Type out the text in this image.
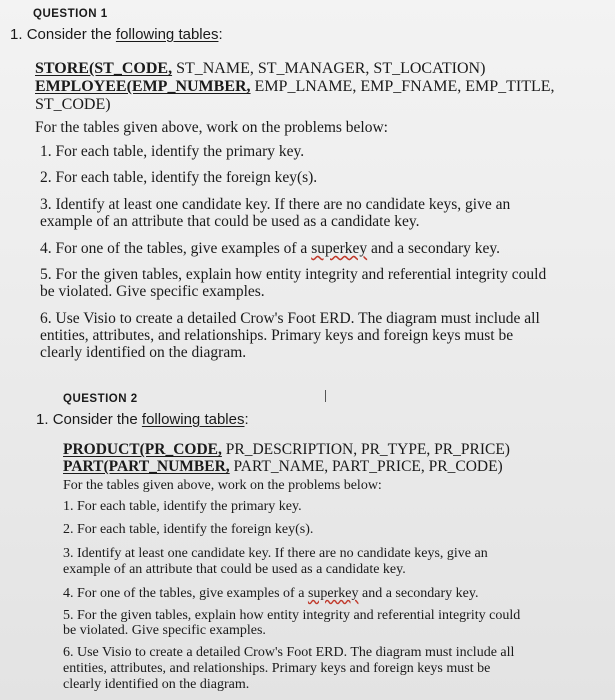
QUESTION 1
1. Consider the following tables:
STORE(ST_CODE, ST_NAME, ST_MANAGER, ST_LOCATION)
EMPLOYEE(EMP_NUMBER, EMP_LNAME, EMP_FNAME, EMP_TITLE,
ST_CODE)
For the tables given above, work on the problems below:
1. For each table, identify the primary key.
2. For each table, identify the foreign key(s).
3. Identify at least one candidate key. If there are no candidate keys, give an
example of an attribute that could be used as a candidate key.
4. For one of the tables, give examples of a superkey and a secondary key.
5. For the given tables, explain how entity integrity and referential integrity could
be violated. Give specific examples.
6. Use Visio to create a detailed Crow's Foot ERD. The diagram must include all
entities, attributes, and relationships. Primary keys and foreign keys must be
clearly identified on the diagram.
QUESTION 2
1. Consider the following tables:
PRODUCT(PR_CODE, PR_DESCRIPTION, PR_TYPE, PR_PRICE)
PART(PART_NUMBER, PART_NAME, PART_PRICE, PR_CODE)
For the tables given above, work on the problems below:
1. For each table, identify the primary key.
2. For each table, identify the foreign key(s).
3. Identify at least one candidate key. If there are no candidate keys, give an
example of an attribute that could be used as a candidate key.
4. For one of the tables, give examples of a superkey and a secondary key.
5. For the given tables, explain how entity integrity and referential integrity could
be violated. Give specific examples.
6. Use Visio to create a detailed Crow's Foot ERD. The diagram must include all
entities, attributes, and relationships. Primary keys and foreign keys must be
clearly identified on the diagram.
